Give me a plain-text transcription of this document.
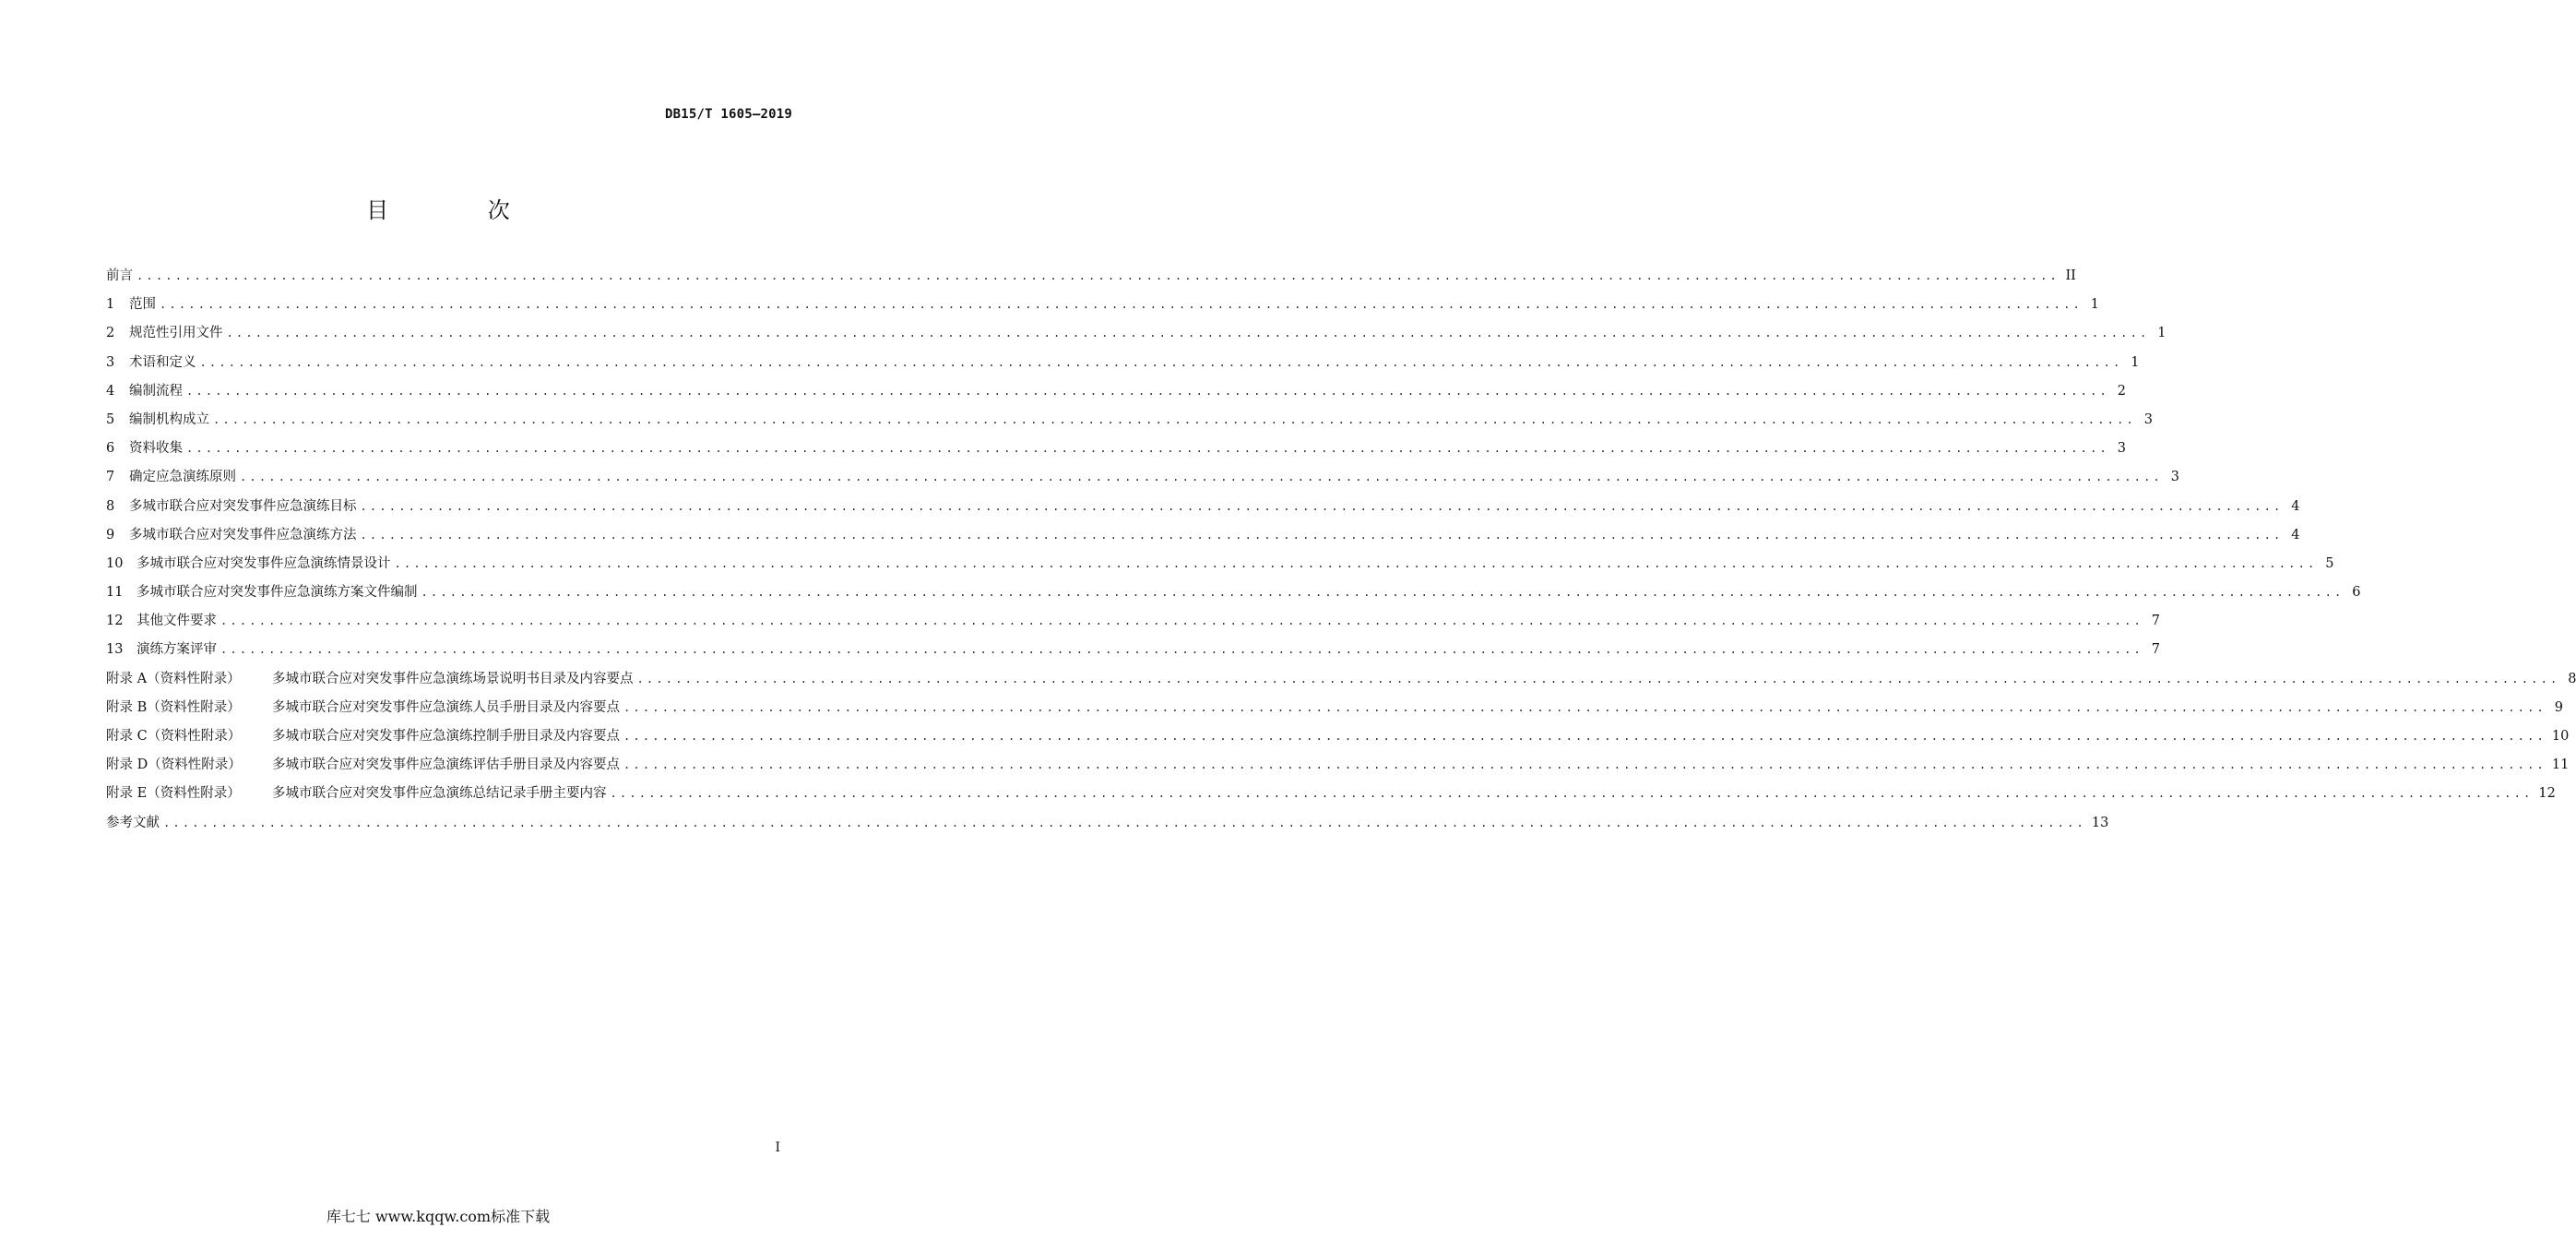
DB15/T 1605—2019
目 次
前言 ........................................................................................................................................................................................................ II
1 范围 ........................................................................................................................................................................................................ 1
2 规范性引用文件 ........................................................................................................................................................................................................ 1
3 术语和定义 ........................................................................................................................................................................................................ 1
4 编制流程 ........................................................................................................................................................................................................ 2
5 编制机构成立 ........................................................................................................................................................................................................ 3
6 资料收集 ........................................................................................................................................................................................................ 3
7 确定应急演练原则 ........................................................................................................................................................................................................ 3
8 多城市联合应对突发事件应急演练目标 ........................................................................................................................................................................................................ 4
9 多城市联合应对突发事件应急演练方法 ........................................................................................................................................................................................................ 4
10 多城市联合应对突发事件应急演练情景设计 ........................................................................................................................................................................................................ 5
11 多城市联合应对突发事件应急演练方案文件编制 ........................................................................................................................................................................................................ 6
12 其他文件要求 ........................................................................................................................................................................................................ 7
13 演练方案评审 ........................................................................................................................................................................................................ 7
附录 A（资料性附录） 多城市联合应对突发事件应急演练场景说明书目录及内容要点 ........................................................................................................................................................................................................ 8
附录 B（资料性附录） 多城市联合应对突发事件应急演练人员手册目录及内容要点 ........................................................................................................................................................................................................ 9
附录 C（资料性附录） 多城市联合应对突发事件应急演练控制手册目录及内容要点 ........................................................................................................................................................................................................ 10
附录 D（资料性附录） 多城市联合应对突发事件应急演练评估手册目录及内容要点 ........................................................................................................................................................................................................ 11
附录 E（资料性附录） 多城市联合应对突发事件应急演练总结记录手册主要内容 ........................................................................................................................................................................................................ 12
参考文献 ........................................................................................................................................................................................................ 13
I
库七七 www.kqqw.com标准下载
